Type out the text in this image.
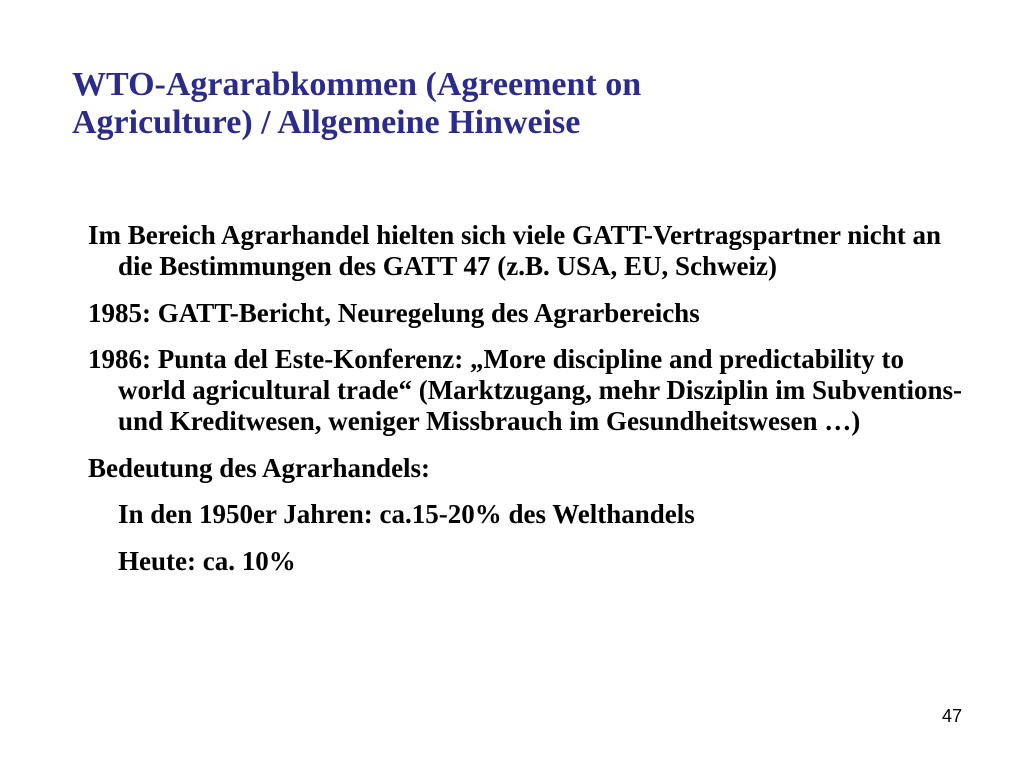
WTO-Agrarabkommen (Agreement on
Agriculture) / Allgemeine Hinweise

Im Bereich Agrarhandel hielten sich viele GATT-Vertragspartner nicht an die Bestimmungen des GATT 47 (z.B. USA, EU, Schweiz)

1985: GATT-Bericht, Neuregelung des Agrarbereichs

1986: Punta del Este-Konferenz: „More discipline and predictability to world agricultural trade“ (Marktzugang, mehr Disziplin im Subventions- und Kreditwesen, weniger Missbrauch im Gesundheitswesen …)

Bedeutung des Agrarhandels:

In den 1950er Jahren: ca.15-20% des Welthandels

Heute: ca. 10%

47
